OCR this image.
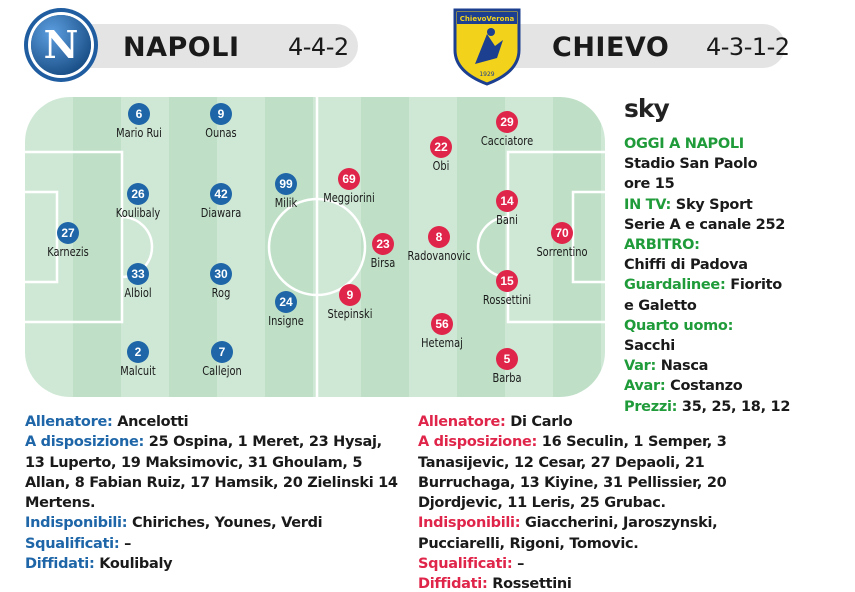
N NAPOLI 4-4-2
ChievoVerona
1929
CHIEVO 4-3-1-2
6
Mario Rui
9
Ounas
26
Koulibaly
42
Diawara
99
Milik
27
Karnezis
33
Albiol
30
Rog
24
Insigne
2
Malcuit
7
Callejon
29
Cacciatore
22
Obi
69
Meggiorini	14
Bani
70
Sorrentino
23
Birsa
8
Radovanovic
15
Rossettini
9
Stepinski
56
Hetemaj
5
Barba
sky
OGGI A NAPOLI
Stadio San Paolo
ore 15
IN TV: Sky Sport
Serie A e canale 252
ARBITRO:
Chiffi di Padova
Guardalinee: Fiorito
e Galetto
Quarto uomo:
Sacchi
Var: Nasca
Avar: Costanzo
Prezzi: 35, 25, 18, 12
Allenatore: Ancelotti
A disposizione: 25 Ospina, 1 Meret, 23 Hysaj, 13 Luperto, 19 Maksimovic, 31 Ghoulam, 5 Allan, 8 Fabian Ruiz, 17 Hamsik, 20 Zielinski 14 Mertens.
Indisponibili: Chiriches, Younes, Verdi
Squalificati: –
Diffidati: Koulibaly
Allenatore: Di Carlo
A disposizione: 16 Seculin, 1 Semper, 3 Tanasijevic, 12 Cesar, 27 Depaoli, 21 Burruchaga, 13 Kiyine, 31 Pellissier, 20 Djordjevic, 11 Leris, 25 Grubac.
Indisponibili: Giaccherini, Jaroszynski, Pucciarelli, Rigoni, Tomovic.
Squalificati: –
Diffidati: Rossettini
